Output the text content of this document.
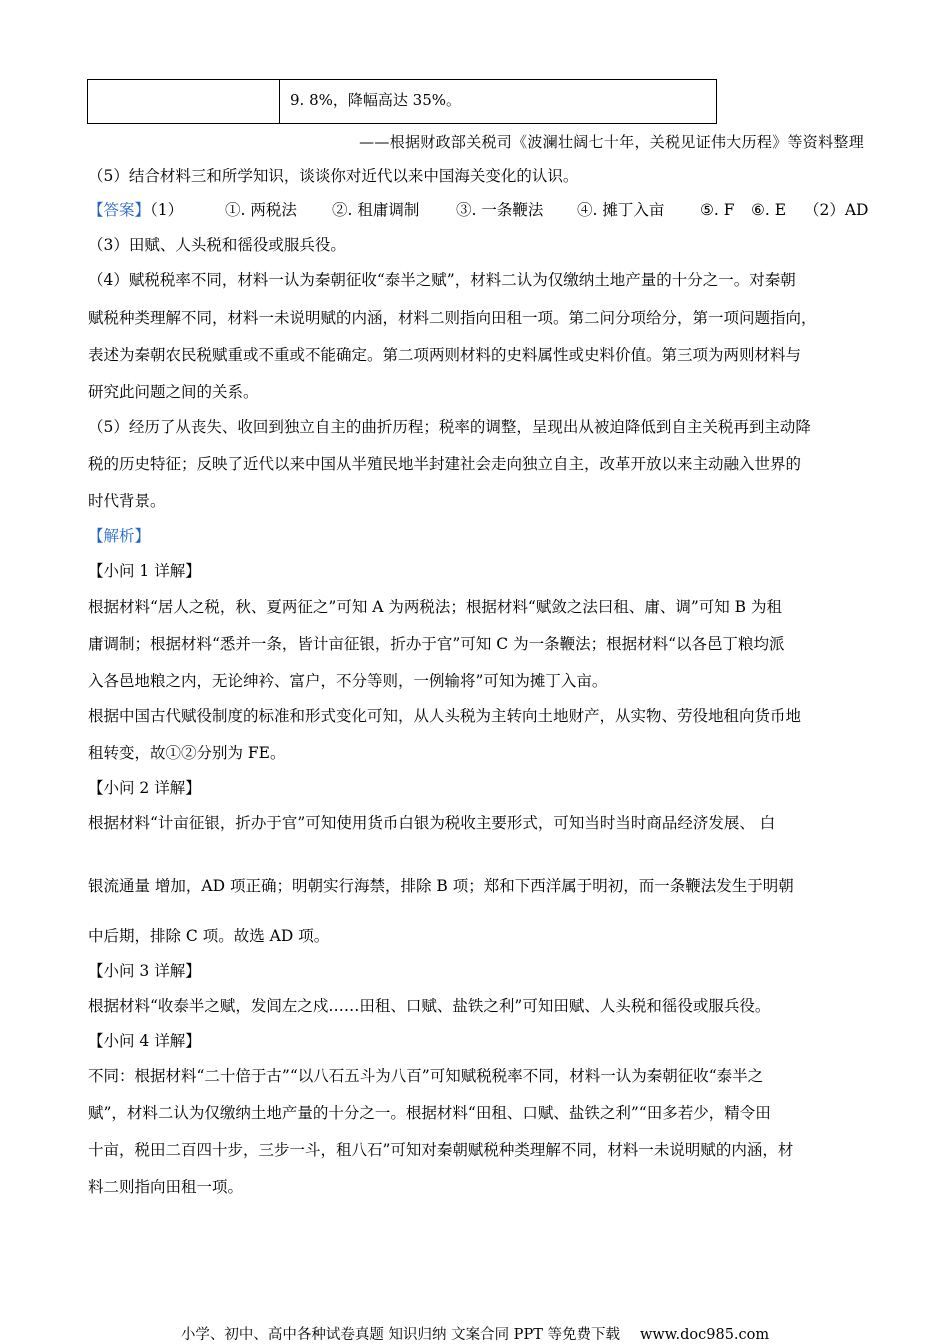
9. 8%，降幅高达 35%。
——根据财政部关税司《波澜壮阔七十年，关税见证伟大历程》等资料整理
（5）结合材料三和所学知识，谈谈你对近代以来中国海关变化的认识。
【答案】（1）	①. 两税法 ②. 租庸调制 ③. 一条鞭法 ④. 摊丁入亩 ⑤. F ⑥. E （2）AD
（3）田赋、人头税和徭役或服兵役。
（4）赋税税率不同，材料一认为秦朝征收“泰半之赋”，材料二认为仅缴纳土地产量的十分之一。对秦朝
赋税种类理解不同，材料一未说明赋的内涵，材料二则指向田租一项。第二问分项给分，第一项问题指向，
表述为秦朝农民税赋重或不重或不能确定。第二项两则材料的史料属性或史料价值。第三项为两则材料与
研究此问题之间的关系。
（5）经历了从丧失、收回到独立自主的曲折历程；税率的调整，呈现出从被迫降低到自主关税再到主动降
税的历史特征；反映了近代以来中国从半殖民地半封建社会走向独立自主，改革开放以来主动融入世界的
时代背景。
【解析】
【小问 1 详解】
根据材料“居人之税，秋、夏两征之”可知 A 为两税法；根据材料“赋敛之法曰租、庸、调”可知 B 为租
庸调制；根据材料“悉并一条，皆计亩征银，折办于官”可知 C 为一条鞭法；根据材料“以各邑丁粮均派
入各邑地粮之内，无论绅衿、富户，不分等则，一例输将”可知为摊丁入亩。
根据中国古代赋役制度的标准和形式变化可知，从人头税为主转向土地财产，从实物、劳役地租向货币地
租转变，故①②分别为 FE。
【小问 2 详解】
根据材料“计亩征银，折办于官”可知使用货币白银为税收主要形式，可知当时当时商品经济发展、 白
银流通量 增加，AD 项正确；明朝实行海禁，排除 B 项；郑和下西洋属于明初，而一条鞭法发生于明朝
中后期，排除 C 项。故选 AD 项。
【小问 3 详解】
根据材料“收泰半之赋，发闾左之戍……田租、口赋、盐铁之利”可知田赋、人头税和徭役或服兵役。
【小问 4 详解】
不同：根据材料“二十倍于古”“以八石五斗为八百”可知赋税税率不同，材料一认为秦朝征收“泰半之
赋”，材料二认为仅缴纳土地产量的十分之一。根据材料“田租、口赋、盐铁之利”“田多若少，精令田
十亩，税田二百四十步，三步一斗，租八石”可知对秦朝赋税种类理解不同，材料一未说明赋的内涵，材
料二则指向田租一项。
小学、初中、高中各种试卷真题 知识归纳 文案合同 PPT 等免费下载 www.doc985.com
